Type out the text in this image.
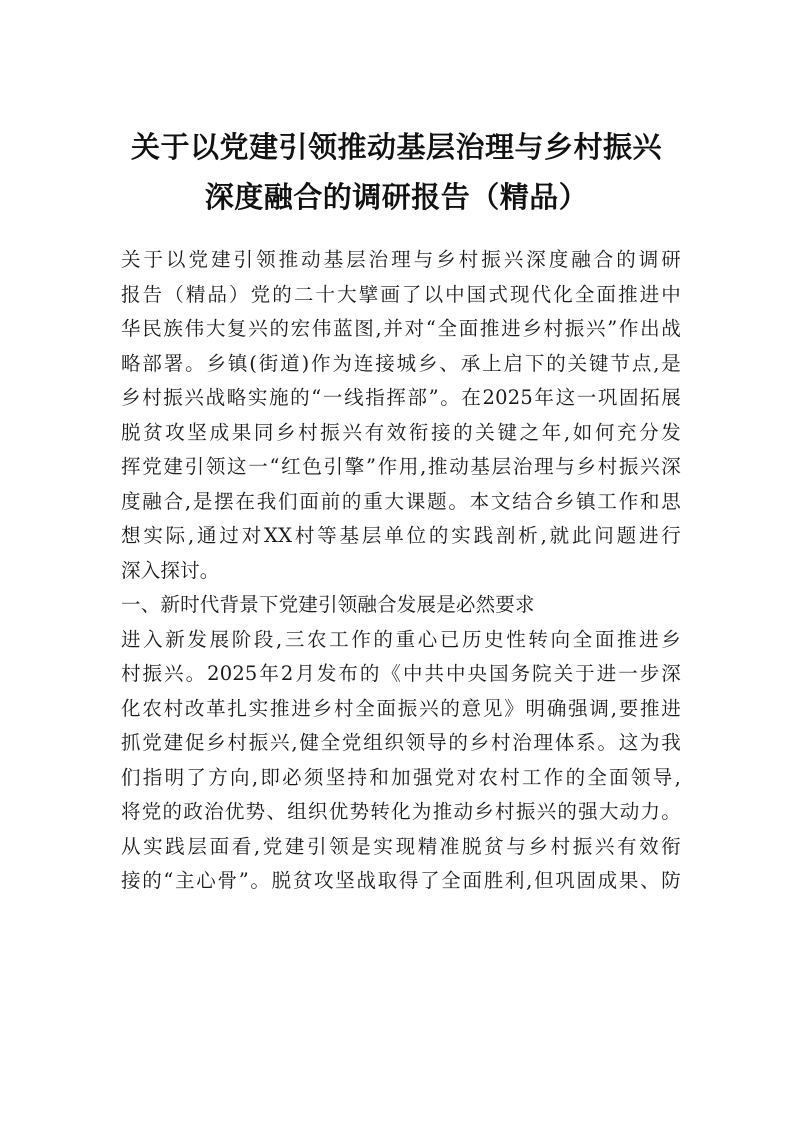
关于以党建引领推动基层治理与乡村振兴
深度融合的调研报告（精品）
关于以党建引领推动基层治理与乡村振兴深度融合的调研
报告（精品）党的二十大擘画了以中国式现代化全面推进中
华民族伟大复兴的宏伟蓝图,并对“全面推进乡村振兴”作出战
略部署。乡镇(街道)作为连接城乡、承上启下的关键节点,是
乡村振兴战略实施的“一线指挥部”。在2025年这一巩固拓展
脱贫攻坚成果同乡村振兴有效衔接的关键之年,如何充分发
挥党建引领这一“红色引擎”作用,推动基层治理与乡村振兴深
度融合,是摆在我们面前的重大课题。本文结合乡镇工作和思
想实际,通过对XX村等基层单位的实践剖析,就此问题进行
深入探讨。
一、新时代背景下党建引领融合发展是必然要求
进入新发展阶段,三农工作的重心已历史性转向全面推进乡
村振兴。2025年2月发布的《中共中央国务院关于进一步深
化农村改革扎实推进乡村全面振兴的意见》明确强调,要推进
抓党建促乡村振兴,健全党组织领导的乡村治理体系。这为我
们指明了方向,即必须坚持和加强党对农村工作的全面领导,
将党的政治优势、组织优势转化为推动乡村振兴的强大动力。
从实践层面看,党建引领是实现精准脱贫与乡村振兴有效衔
接的“主心骨”。脱贫攻坚战取得了全面胜利,但巩固成果、防
